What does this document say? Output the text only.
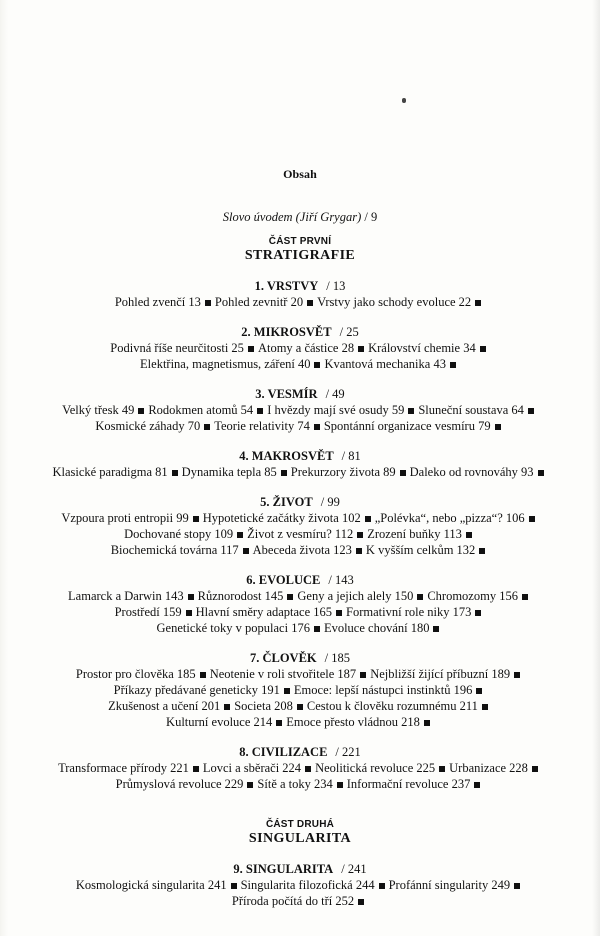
Obsah
Slovo úvodem (Jiří Grygar) / 9
ČÁST PRVNÍ
STRATIGRAFIE
1. VRSTVY / 13
Pohled zvenčí 13 Pohled zevnitř 20 Vrstvy jako schody evoluce 22
2. MIKROSVĚT / 25
Podivná říše neurčitosti 25 Atomy a částice 28 Království chemie 34
Elektřina, magnetismus, záření 40 Kvantová mechanika 43
3. VESMÍR / 49
Velký třesk 49 Rodokmen atomů 54 I hvězdy mají své osudy 59 Sluneční soustava 64
Kosmické záhady 70 Teorie relativity 74 Spontánní organizace vesmíru 79
4. MAKROSVĚT / 81
Klasické paradigma 81 Dynamika tepla 85 Prekurzory života 89 Daleko od rovnováhy 93
5. ŽIVOT / 99
Vzpoura proti entropii 99 Hypotetické začátky života 102 „Polévka“, nebo „pizza“? 106
Dochované stopy 109 Život z vesmíru? 112 Zrození buňky 113
Biochemická továrna 117 Abeceda života 123 K vyšším celkům 132
6. EVOLUCE / 143
Lamarck a Darwin 143 Různorodost 145 Geny a jejich alely 150 Chromozomy 156
Prostředí 159 Hlavní směry adaptace 165 Formativní role niky 173
Genetické toky v populaci 176 Evoluce chování 180
7. ČLOVĚK / 185
Prostor pro člověka 185 Neotenie v roli stvořitele 187 Nejbližší žijící příbuzní 189
Příkazy předávané geneticky 191 Emoce: lepší nástupci instinktů 196
Zkušenost a učení 201 Societa 208 Cestou k člověku rozumnému 211
Kulturní evoluce 214 Emoce přesto vládnou 218
8. CIVILIZACE / 221
Transformace přírody 221 Lovci a sběrači 224 Neolitická revoluce 225 Urbanizace 228
Průmyslová revoluce 229 Sítě a toky 234 Informační revoluce 237
ČÁST DRUHÁ
SINGULARITA
9. SINGULARITA / 241
Kosmologická singularita 241 Singularita filozofická 244 Profánní singularity 249
Příroda počítá do tří 252
